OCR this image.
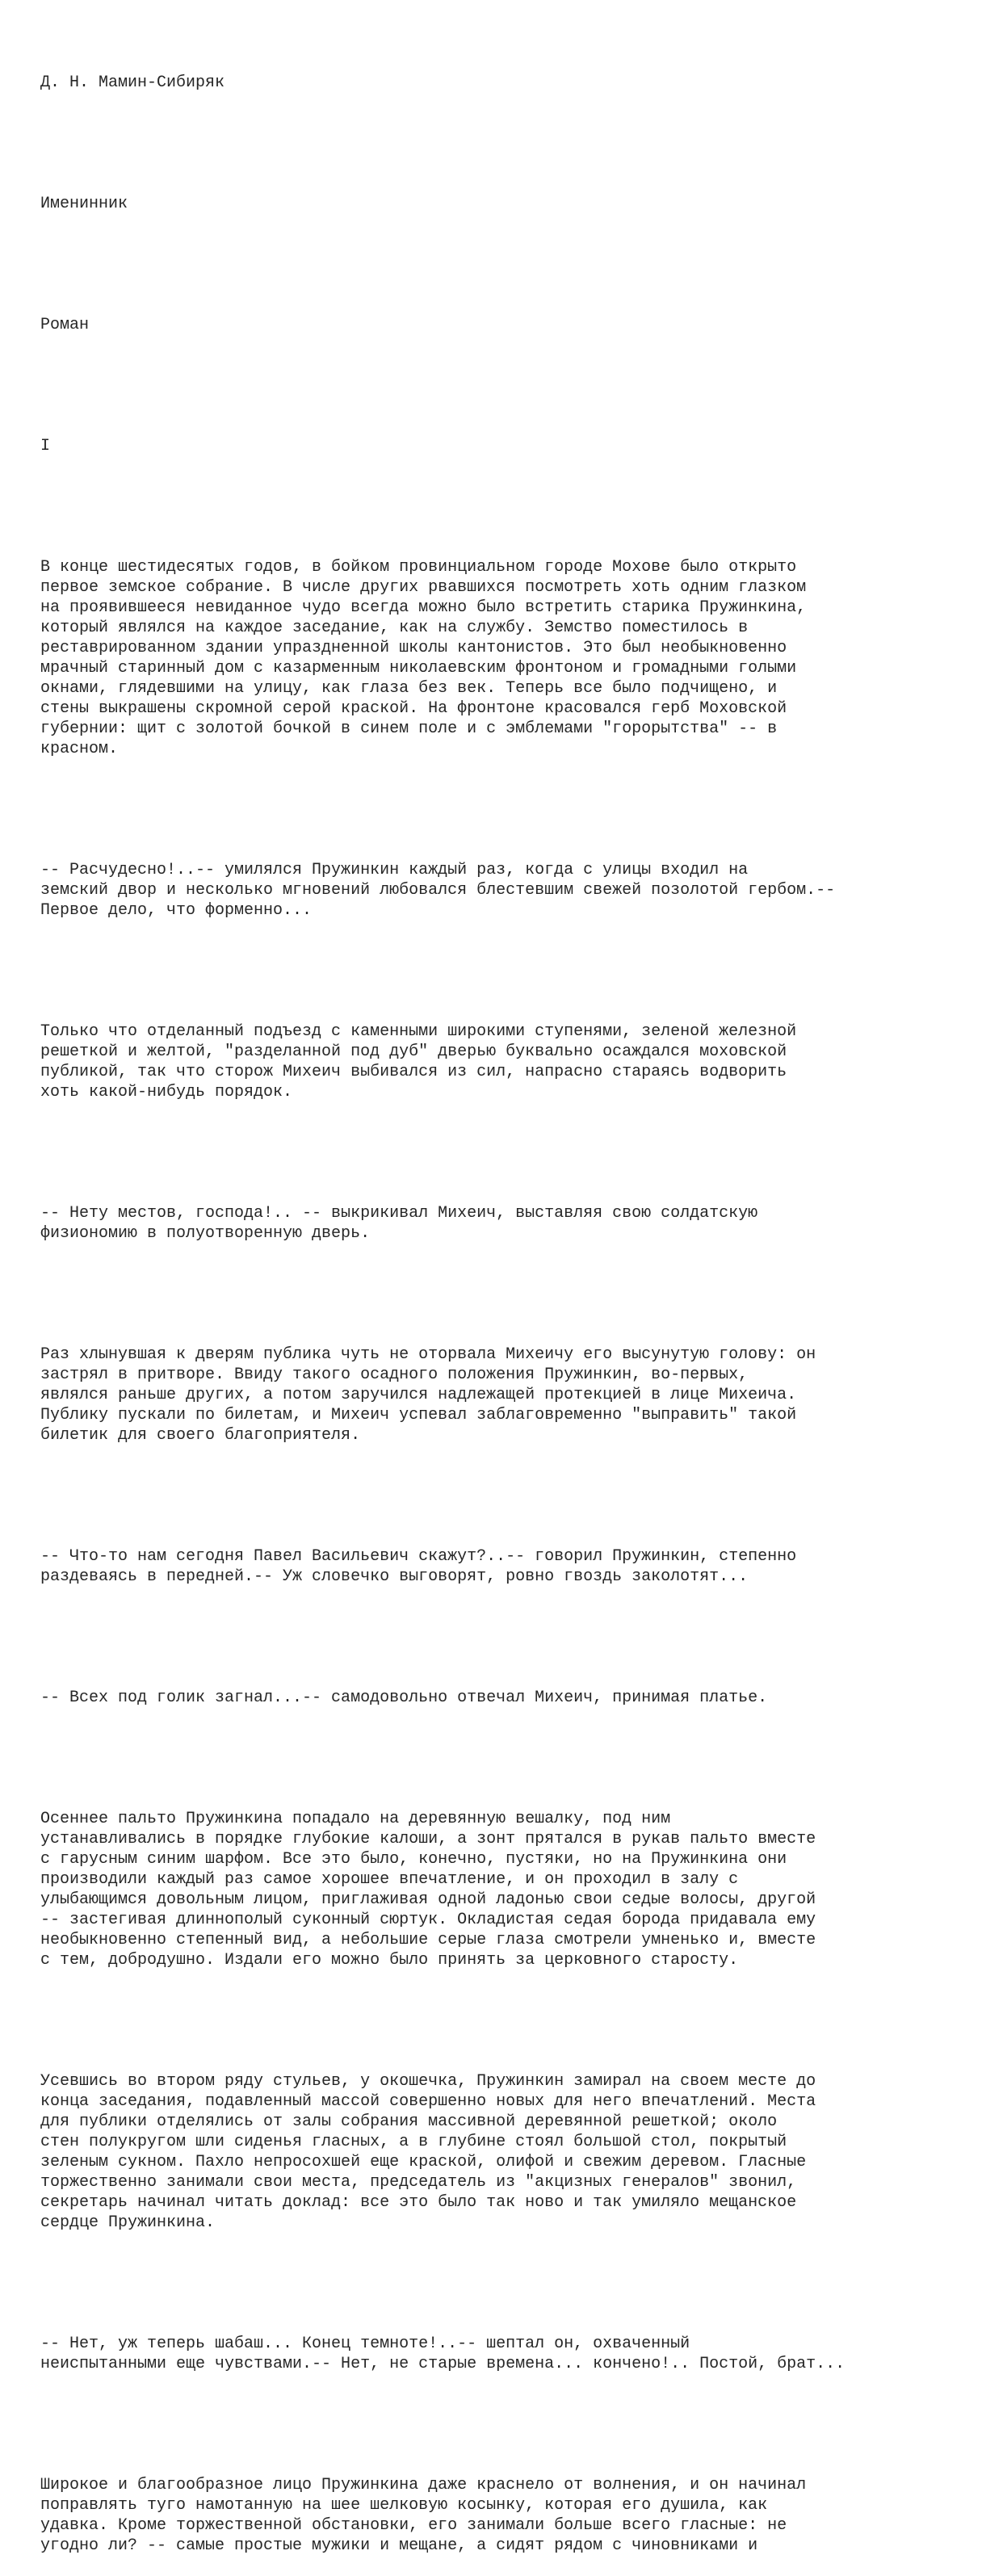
Д. Н. Мамин-Сибиряк

Именинник

Роман

I

В конце шестидесятых годов, в бойком провинциальном городе Мохове было открыто
первое земское собрание. В числе других рвавшихся посмотреть хоть одним глазком
на проявившееся невиданное чудо всегда можно было встретить старика Пружинкина,
который являлся на каждое заседание, как на службу. Земство поместилось в
реставрированном здании упраздненной школы кантонистов. Это был необыкновенно
мрачный старинный дом с казарменным николаевским фронтоном и громадными голыми
окнами, глядевшими на улицу, как глаза без век. Теперь все было подчищено, и
стены выкрашены скромной серой краской. На фронтоне красовался герб Моховской
губернии: щит с золотой бочкой в синем поле и с эмблемами "горорытства" -- в
красном.

-- Расчудесно!..-- умилялся Пружинкин каждый раз, когда с улицы входил на
земский двор и несколько мгновений любовался блестевшим свежей позолотой гербом.--
Первое дело, что форменно...

Только что отделанный подъезд с каменными широкими ступенями, зеленой железной
решеткой и желтой, "разделанной под дуб" дверью буквально осаждался моховской
публикой, так что сторож Михеич выбивался из сил, напрасно стараясь водворить
хоть какой-нибудь порядок.

-- Нету местов, господа!.. -- выкрикивал Михеич, выставляя свою солдатскую
физиономию в полуотворенную дверь.

Раз хлынувшая к дверям публика чуть не оторвала Михеичу его высунутую голову: он
застрял в притворе. Ввиду такого осадного положения Пружинкин, во-первых,
являлся раньше других, а потом заручился надлежащей протекцией в лице Михеича.
Публику пускали по билетам, и Михеич успевал заблаговременно "выправить" такой
билетик для своего благоприятеля.

-- Что-то нам сегодня Павел Васильевич скажут?..-- говорил Пружинкин, степенно
раздеваясь в передней.-- Уж словечко выговорят, ровно гвоздь заколотят...

-- Всех под голик загнал...-- самодовольно отвечал Михеич, принимая платье.

Осеннее пальто Пружинкина попадало на деревянную вешалку, под ним
устанавливались в порядке глубокие калоши, а зонт прятался в рукав пальто вместе
с гарусным синим шарфом. Все это было, конечно, пустяки, но на Пружинкина они
производили каждый раз самое хорошее впечатление, и он проходил в залу с
улыбающимся довольным лицом, приглаживая одной ладонью свои седые волосы, другой
-- застегивая длиннополый суконный сюртук. Окладистая седая борода придавала ему
необыкновенно степенный вид, а небольшие серые глаза смотрели умненько и, вместе
с тем, добродушно. Издали его можно было принять за церковного старосту.

Усевшись во втором ряду стульев, у окошечка, Пружинкин замирал на своем месте до
конца заседания, подавленный массой совершенно новых для него впечатлений. Места
для публики отделялись от залы собрания массивной деревянной решеткой; около
стен полукругом шли сиденья гласных, а в глубине стоял большой стол, покрытый
зеленым сукном. Пахло непросохшей еще краской, олифой и свежим деревом. Гласные
торжественно занимали свои места, председатель из "акцизных генералов" звонил,
секретарь начинал читать доклад: все это было так ново и так умиляло мещанское
сердце Пружинкина.

-- Нет, уж теперь шабаш... Конец темноте!..-- шептал он, охваченный
неиспытанными еще чувствами.-- Нет, не старые времена... кончено!.. Постой, брат...

Широкое и благообразное лицо Пружинкина даже краснело от волнения, и он начинал
поправлять туго намотанную на шее шелковую косынку, которая его душила, как
удавка. Кроме торжественной обстановки, его занимали больше всего гласные: не
угодно ли? -- самые простые мужики и мещане, а сидят рядом с чиновниками и
